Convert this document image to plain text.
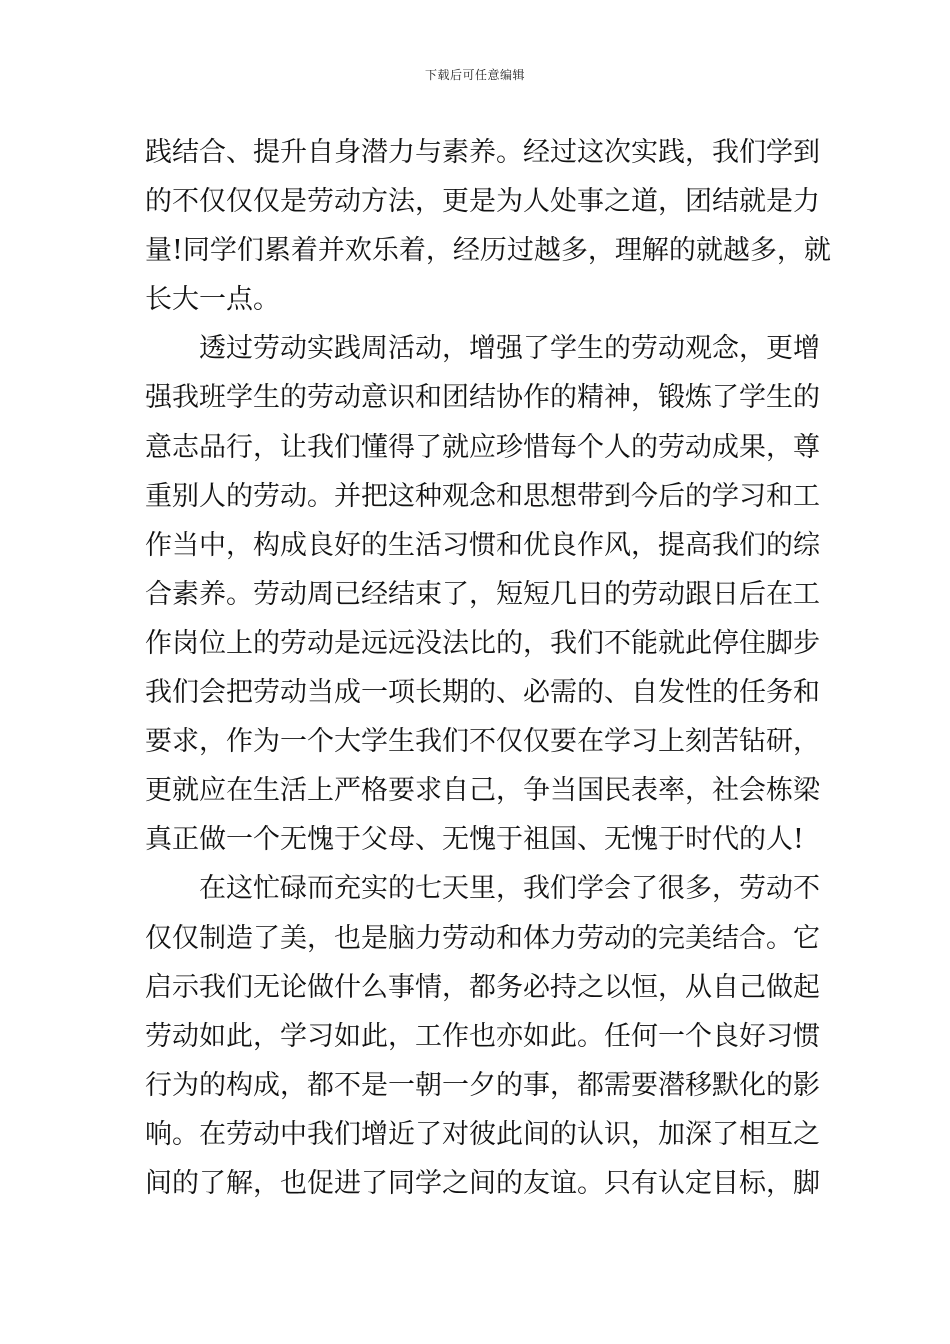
下载后可任意编辑
践结合、提升自身潜力与素养。经过这次实践，我们学到
的不仅仅仅是劳动方法，更是为人处事之道，团结就是力
量!同学们累着并欢乐着，经历过越多，理解的就越多，就
长大一点。
透过劳动实践周活动，增强了学生的劳动观念，更增
强我班学生的劳动意识和团结协作的精神，锻炼了学生的
意志品行，让我们懂得了就应珍惜每个人的劳动成果，尊
重别人的劳动。并把这种观念和思想带到今后的学习和工
作当中，构成良好的生活习惯和优良作风，提高我们的综
合素养。劳动周已经结束了，短短几日的劳动跟日后在工
作岗位上的劳动是远远没法比的，我们不能就此停住脚步
我们会把劳动当成一项长期的、必需的、自发性的任务和
要求，作为一个大学生我们不仅仅要在学习上刻苦钻研，
更就应在生活上严格要求自己，争当国民表率，社会栋梁
真正做一个无愧于父母、无愧于祖国、无愧于时代的人!
在这忙碌而充实的七天里，我们学会了很多，劳动不
仅仅制造了美，也是脑力劳动和体力劳动的完美结合。它
启示我们无论做什么事情，都务必持之以恒，从自己做起
劳动如此，学习如此，工作也亦如此。任何一个良好习惯
行为的构成，都不是一朝一夕的事，都需要潜移默化的影
响。在劳动中我们增近了对彼此间的认识，加深了相互之
间的了解，也促进了同学之间的友谊。只有认定目标，脚
